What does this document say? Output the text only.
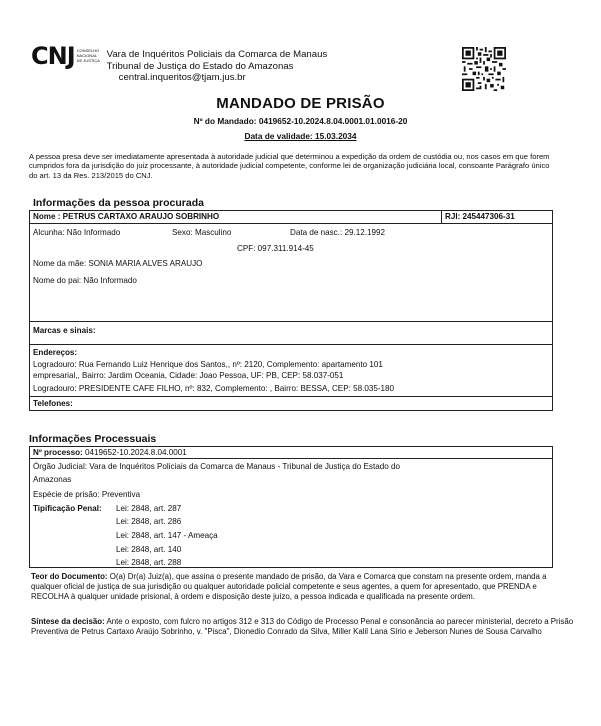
CNJ CONSELHO
NACIONAL
DE JUSTIÇA
Vara de Inquéritos Policiais da Comarca de Manaus
Tribunal de Justiça do Estado do Amazonas
central.inqueritos@tjam.jus.br
MANDADO DE PRISÃO
Nº do Mandado: 0419652-10.2024.8.04.0001.01.0016-20
Data de validade: 15.03.2034
A pessoa presa deve ser imediatamente apresentada à autoridade judicial que determinou a expedição da ordem de custódia ou, nos casos em que forem cumpridos fora da jurisdição do juiz processante, à autoridade judicial competente, conforme lei de organização judiciária local, consoante Parágrafo único do art. 13 da Res. 213/2015 do CNJ.
Informações da pessoa procurada
Nome : PETRUS CARTAXO ARAUJO SOBRINHO	RJI: 245447306-31
Alcunha: Não Informado	Sexo: Masculino	Data de nasc.: 29.12.1992
CPF: 097.311.914-45
Nome da mãe: SONIA MARIA ALVES ARAUJO
Nome do pai: Não Informado
Marcas e sinais:
Endereços:
Logradouro: Rua Fernando Luiz Henrique dos Santos,, nº: 2120, Complemento: apartamento 101
empresarial,, Bairro: Jardim Oceania, Cidade: Joao Pessoa, UF: PB, CEP: 58.037-051
Logradouro: PRESIDENTE CAFE FILHO, nº: 832, Complemento: , Bairro: BESSA, CEP: 58.035-180
Telefones:
Informações Processuais
Nº processo: 0419652-10.2024.8.04.0001
Órgão Judicial: Vara de Inquéritos Policiais da Comarca de Manaus - Tribunal de Justiça do Estado do
Amazonas
Espécie de prisão: Preventiva
Tipificação Penal: Lei: 2848, art. 287
Lei: 2848, art. 286
Lei: 2848, art. 147 - Ameaça
Lei: 2848, art. 140
Lei: 2848, art. 288
Teor do Documento: O(a) Dr(a) Juiz(a), que assina o presente mandado de prisão, da Vara e Comarca que constam na presente ordem, manda a qualquer oficial de justiça de sua jurisdição ou qualquer autoridade policial competente e seus agentes, a quem for apresentado, que PRENDA e RECOLHA à qualquer unidade prisional, à ordem e disposição deste juízo, a pessoa indicada e qualificada na presente ordem.
Síntese da decisão: Ante o exposto, com fulcro no artigos 312 e 313 do Código de Processo Penal e consonância ao parecer ministerial, decreto a Prisão Preventiva de Petrus Cartaxo Araújo Sobrinho, v. "Pisca", Dionedio Conrado da Silva, Miller Kalil Lana Sírio e Jeberson Nunes de Sousa Carvalho
